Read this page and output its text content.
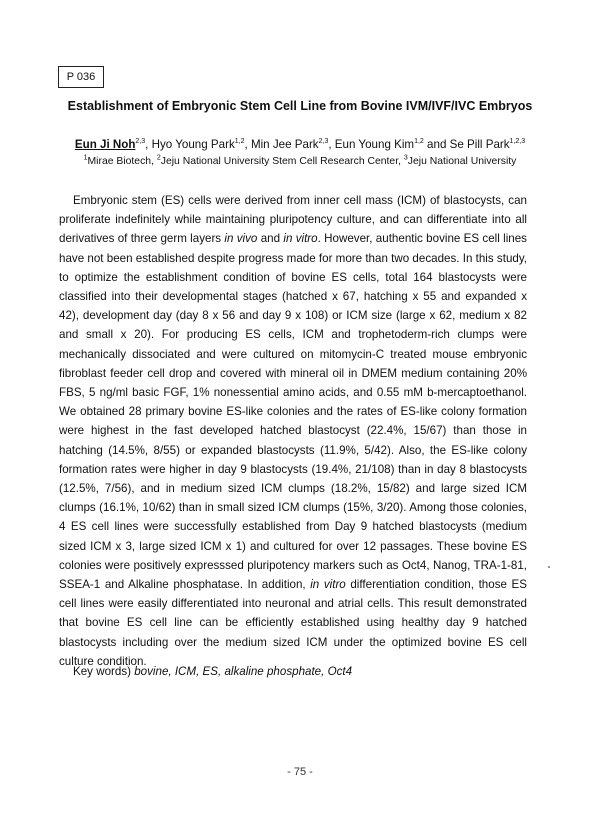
P 036
Establishment of Embryonic Stem Cell Line from Bovine IVM/IVF/IVC Embryos
Eun Ji Noh$^{2,3}$, Hyo Young Park$^{1,2}$, Min Jee Park$^{2,3}$, Eun Young Kim$^{1,2}$ and Se Pill Park$^{1,2,3}$
$^1$Mirae Biotech, $^2$Jeju National University Stem Cell Research Center, $^3$Jeju National University

Embryonic stem (ES) cells were derived from inner cell mass (ICM) of blastocysts, can proliferate indefinitely while maintaining pluripotency culture, and can differentiate into all derivatives of three germ layers in vivo and in vitro. However, authentic bovine ES cell lines have not been established despite progress made for more than two decades. In this study, to optimize the establishment condition of bovine ES cells, total 164 blastocysts were classified into their developmental stages (hatched x 67, hatching x 55 and expanded x 42), development day (day 8 x 56 and day 9 x 108) or ICM size (large x 62, medium x 82 and small x 20). For producing ES cells, ICM and trophetoderm-rich clumps were mechanically dissociated and were cultured on mitomycin-C treated mouse embryonic fibroblast feeder cell drop and covered with mineral oil in DMEM medium containing 20% FBS, 5 ng/ml basic FGF, 1% nonessential amino acids, and 0.55 mM b-mercaptoethanol. We obtained 28 primary bovine ES-like colonies and the rates of ES-like colony formation were highest in the fast developed hatched blastocyst (22.4%, 15/67) than those in hatching (14.5%, 8/55) or expanded blastocysts (11.9%, 5/42). Also, the ES-like colony formation rates were higher in day 9 blastocysts (19.4%, 21/108) than in day 8 blastocysts (12.5%, 7/56), and in medium sized ICM clumps (18.2%, 15/82) and large sized ICM clumps (16.1%, 10/62) than in small sized ICM clumps (15%, 3/20). Among those colonies, 4 ES cell lines were successfully established from Day 9 hatched blastocysts (medium sized ICM x 3, large sized ICM x 1) and cultured for over 12 passages. These bovine ES colonies were positively expresssed pluripotency markers such as Oct4, Nanog, TRA-1-81, SSEA-1 and Alkaline phosphatase. In addition, in vitro differentiation condition, those ES cell lines were easily differentiated into neuronal and atrial cells. This result demonstrated that bovine ES cell line can be efficiently established using healthy day 9 hatched blastocysts including over the medium sized ICM under the optimized bovine ES cell culture condition.

Key words) bovine, ICM, ES, alkaline phosphate, Oct4
- 75 -
